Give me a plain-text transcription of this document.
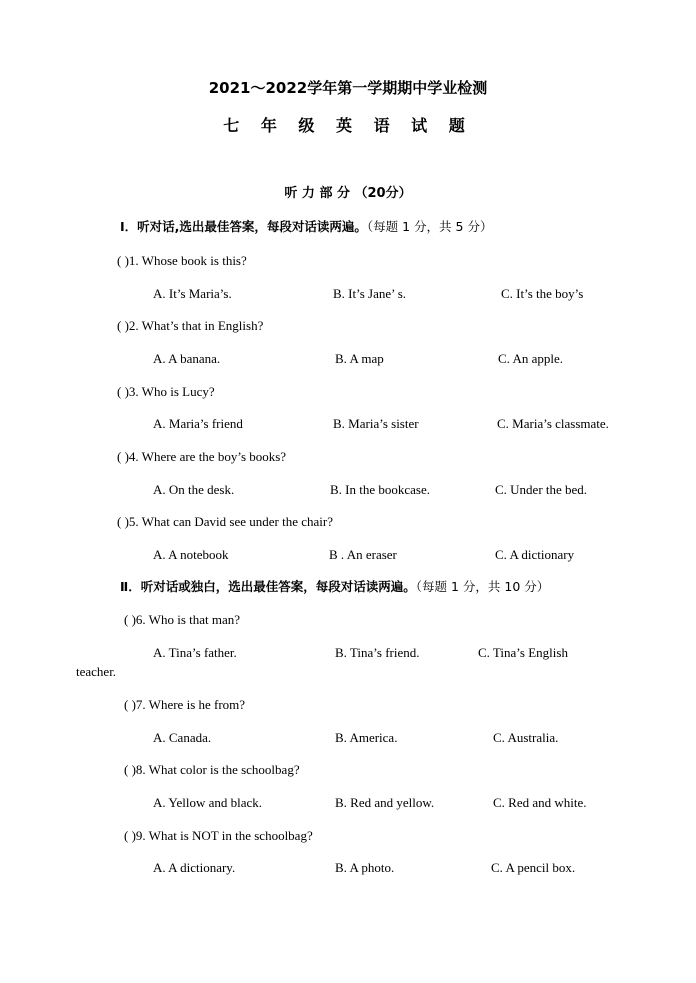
2021～2022学年第一学期期中学业检测
七 年 级 英 语 试 题
听 力 部 分 （20分）
Ⅰ．听对话,选出最佳答案，每段对话读两遍。（每题 1 分，共 5 分）
( )1. Whose book is this?
A. It’s Maria’s.	B. It’s Jane’ s.	C. It’s the boy’s
( )2. What’s that in English?
A. A banana.	B. A map	C. An apple.
( )3. Who is Lucy?
A. Maria’s friend	B. Maria’s sister	C. Maria’s classmate.
( )4. Where are the boy’s books?
A. On the desk.	B. In the bookcase.	C. Under the bed.
( )5. What can David see under the chair?
A. A notebook	B . An eraser	C. A dictionary
Ⅱ．听对话或独白，选出最佳答案，每段对话读两遍。（每题 1 分，共 10 分）
( )6. Who is that man?
A. Tina’s father.	B. Tina’s friend.	C. Tina’s English
teacher.
( )7. Where is he from?
A. Canada.	B. America.	C. Australia.
( )8. What color is the schoolbag?
A. Yellow and black.	B. Red and yellow.	C. Red and white.
( )9. What is NOT in the schoolbag?
A. A dictionary.	B. A photo.	C. A pencil box.
